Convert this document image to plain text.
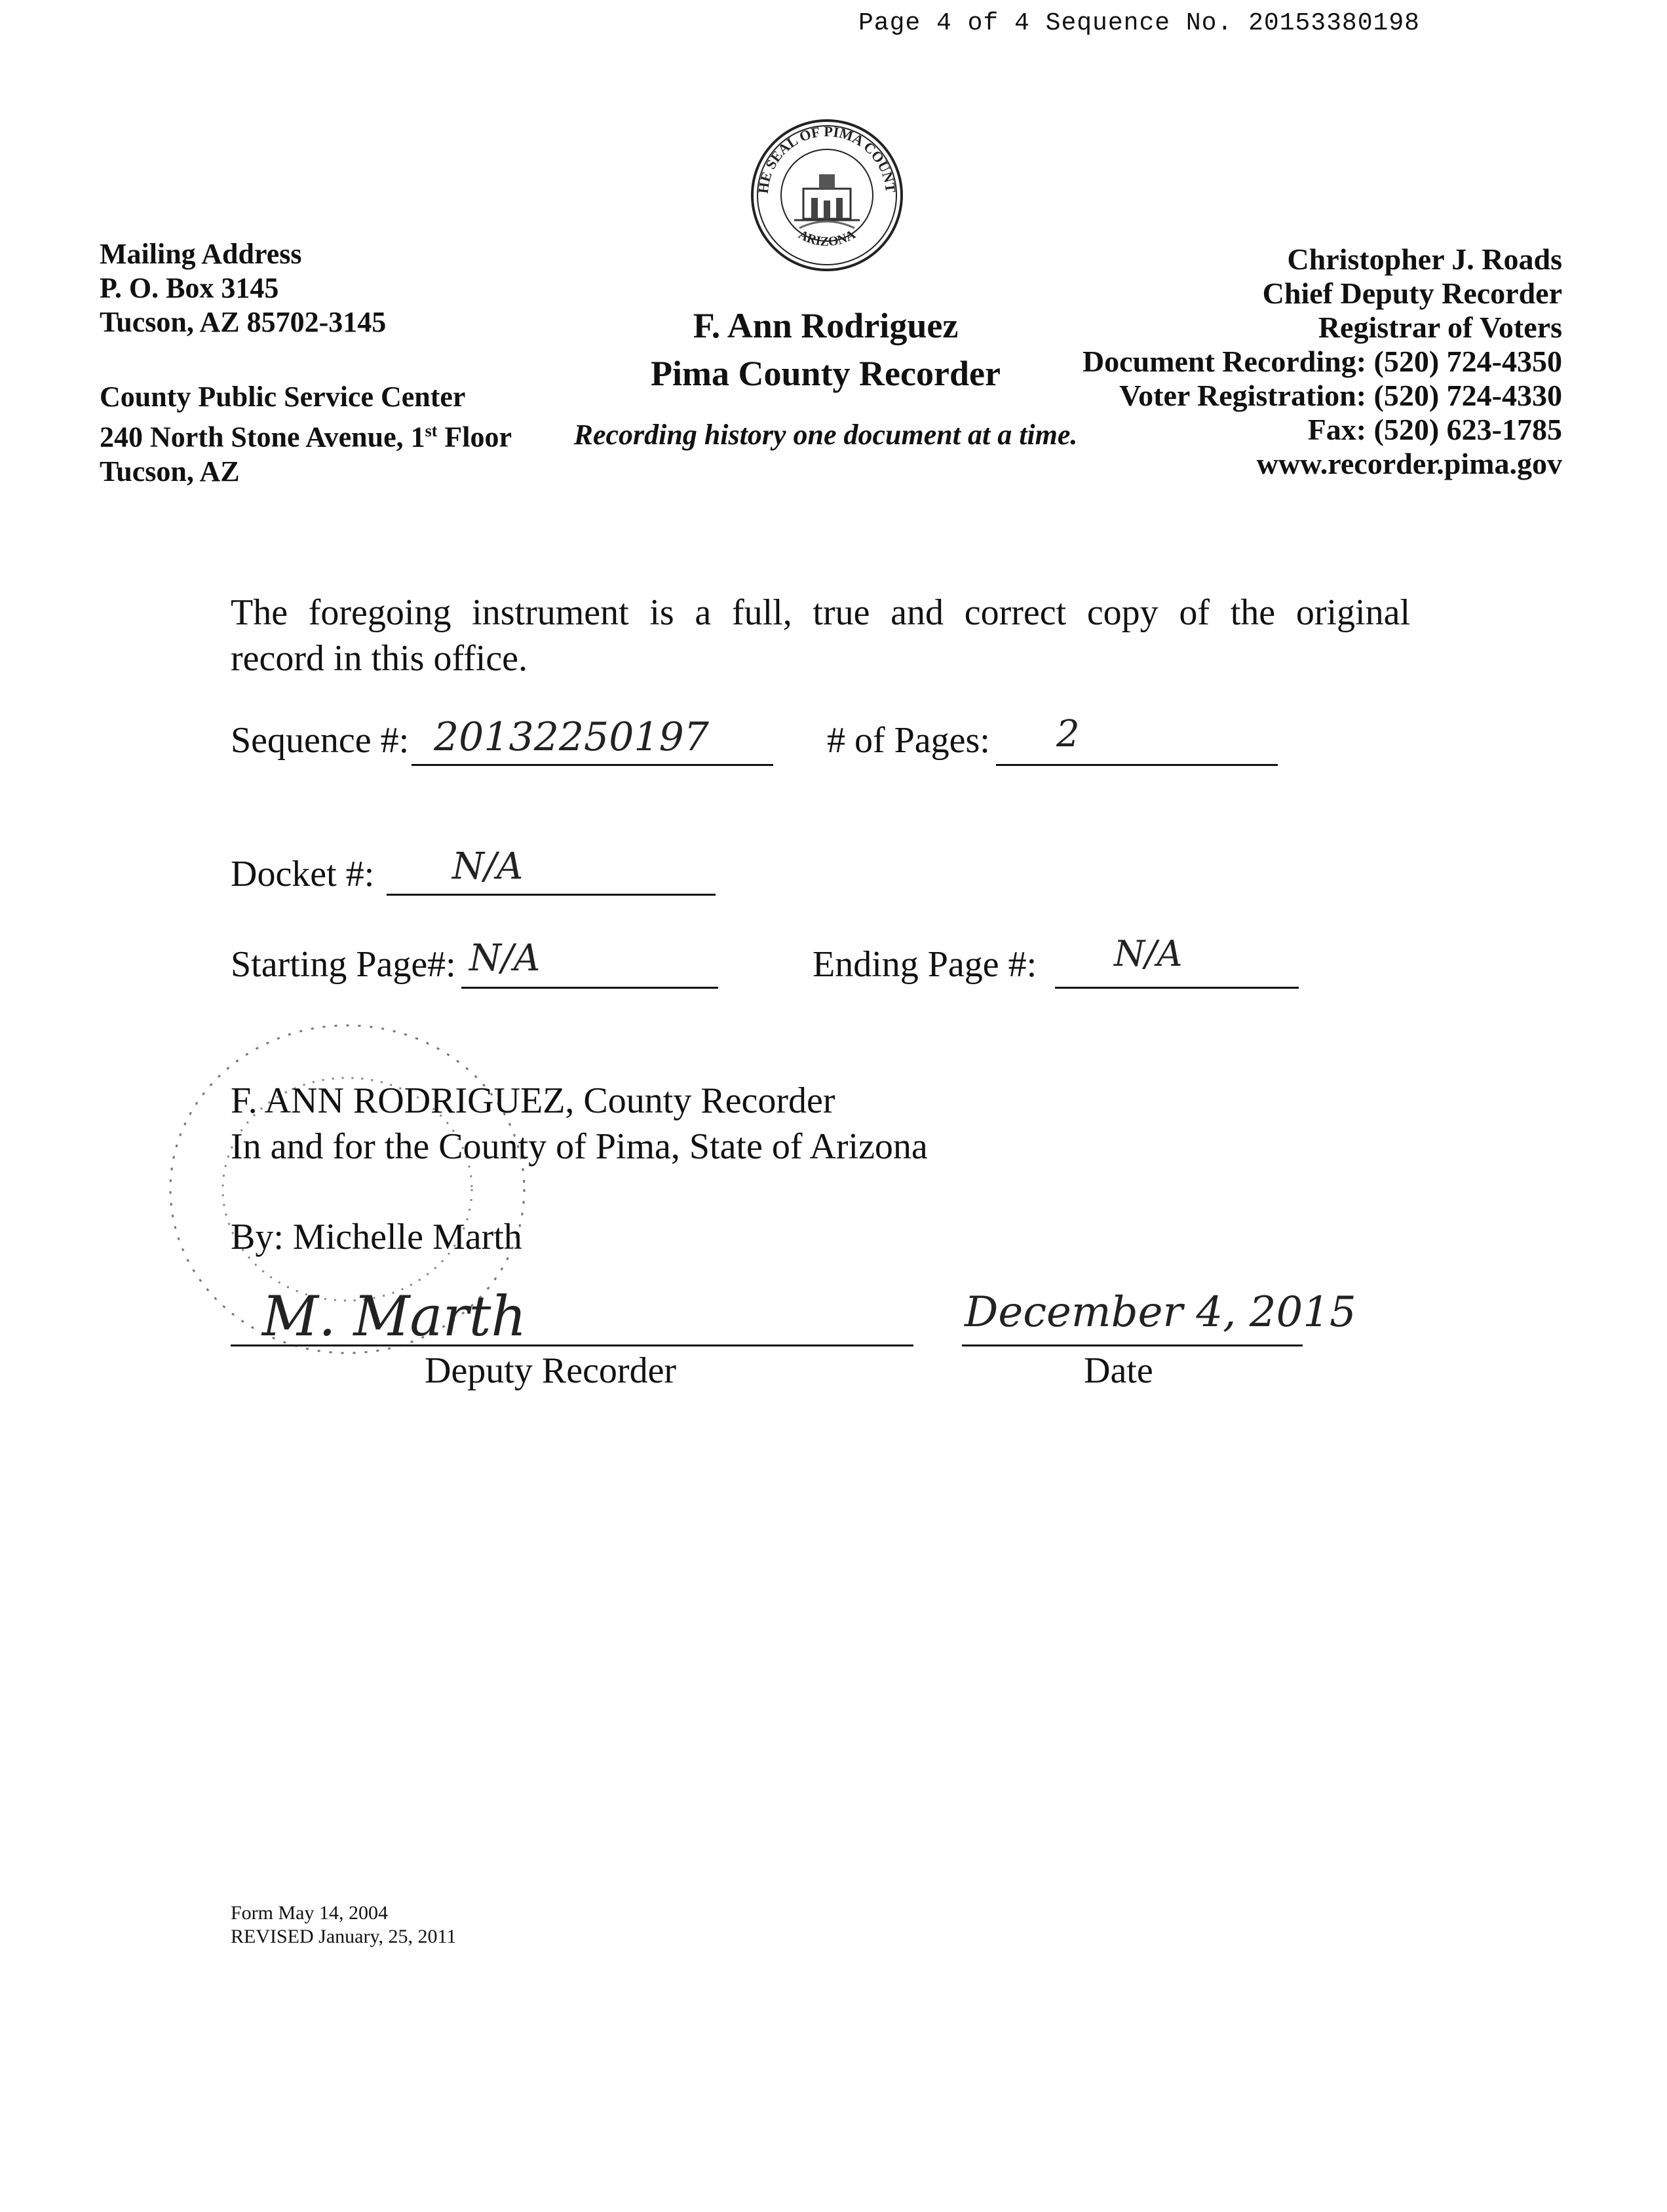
Page 4 of 4 Sequence No. 20153380198
Mailing Address
P. O. Box 3145
Tucson, AZ 85702-3145
County Public Service Center
240 North Stone Avenue, 1st Floor
Tucson, AZ
HE SEAL OF PIMA COUNT
ARIZONA
F. Ann Rodriguez
Pima County Recorder
Recording history one document at a time.
Christopher J. Roads
Chief Deputy Recorder
Registrar of Voters
Document Recording: (520) 724-4350
Voter Registration: (520) 724-4330
Fax: (520) 623-1785
www.recorder.pima.gov
The foregoing instrument is a full, true and correct copy of the original
record in this office.
Sequence #: 20132250197	# of Pages: 2
Docket #: N/A
Starting Page#: N/A	Ending Page #: N/A
F. ANN RODRIGUEZ, County Recorder
In and for the County of Pima, State of Arizona
By: Michelle Marth
M. Marth
Deputy Recorder
December 4, 2015
Date
Form May 14, 2004
REVISED January, 25, 2011
